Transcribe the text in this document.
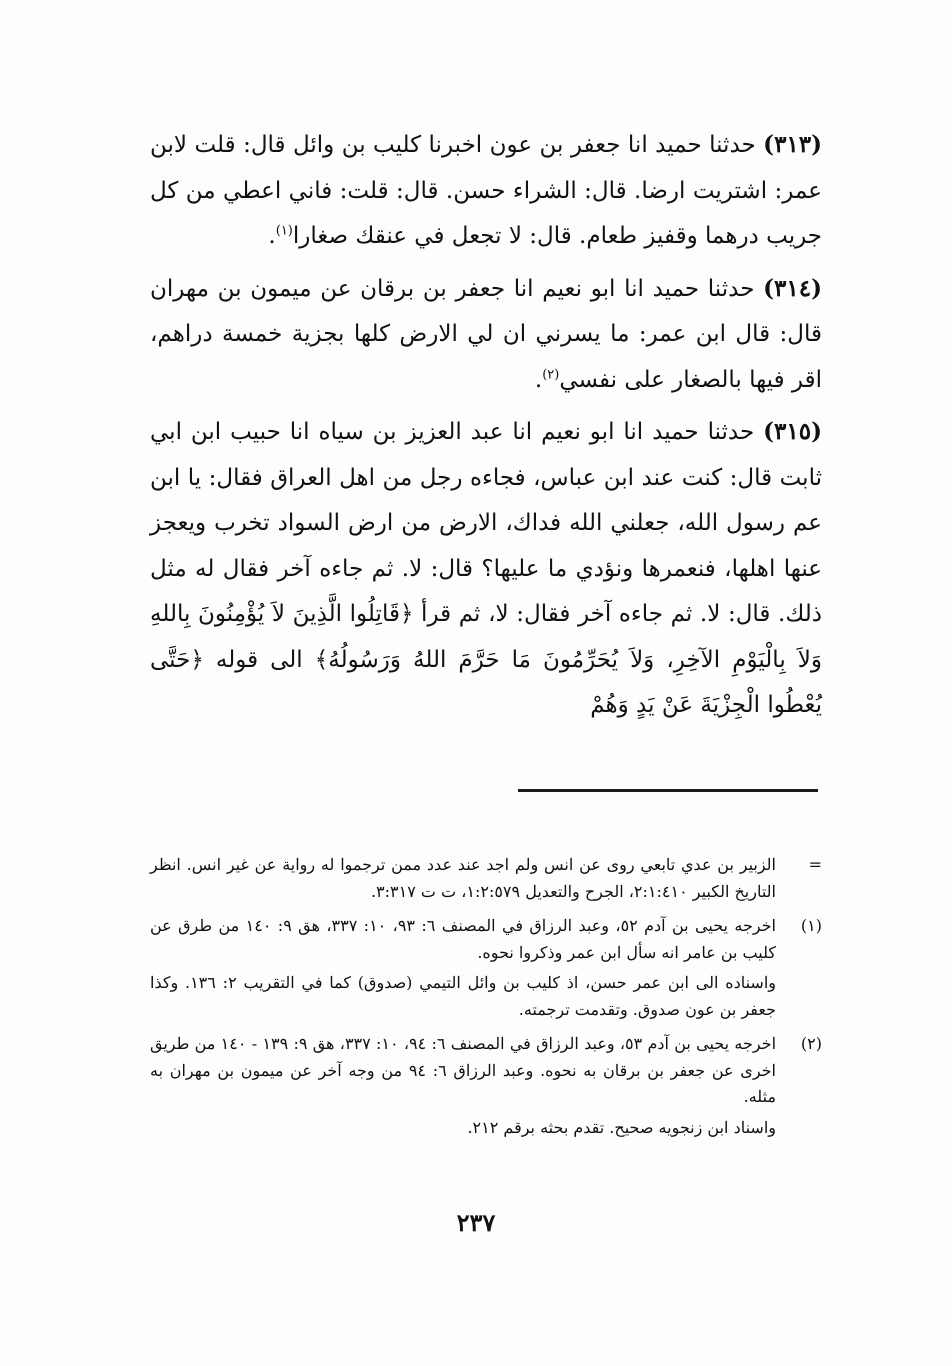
(٣١٣) حدثنا حميد انا جعفر بن عون اخبرنا كليب بن وائل قال: قلت لابن عمر: اشتريت ارضا. قال: الشراء حسن. قال: قلت: فاني اعطي من كل جريب درهما وقفيز طعام. قال: لا تجعل في عنقك صغارا$^{(١)}$.

(٣١٤) حدثنا حميد انا ابو نعيم انا جعفر بن برقان عن ميمون بن مهران قال: قال ابن عمر: ما يسرني ان لي الارض كلها بجزية خمسة دراهم، اقر فيها بالصغار على نفسي$^{(٢)}$.

(٣١٥) حدثنا حميد انا ابو نعيم انا عبد العزيز بن سياه انا حبيب ابن ابي ثابت قال: كنت عند ابن عباس، فجاءه رجل من اهل العراق فقال: يا ابن عم رسول الله، جعلني الله فداك، الارض من ارض السواد تخرب ويعجز عنها اهلها، فنعمرها ونؤدي ما عليها؟ قال: لا. ثم جاءه آخر فقال له مثل ذلك. قال: لا. ثم جاءه آخر فقال: لا، ثم قرأ ﴿قَاتِلُوا الَّذِينَ لاَ يُؤْمِنُونَ بِاللهِ وَلاَ بِالْيَوْمِ الآخِرِ، وَلاَ يُحَرِّمُونَ مَا حَرَّمَ اللهُ وَرَسُولُهُ﴾ الى قوله ﴿حَتَّى يُعْطُوا الْجِزْيَةَ عَنْ يَدٍ وَهُمْ

=

الزبير بن عدي تابعي روى عن انس ولم اجد عند عدد ممن ترجموا له رواية عن غير انس. انظر التاريخ الكبير ٢:١:٤١٠، الجرح والتعديل ١:٢:٥٧٩، ت ت ٣:٣١٧.

(١)

اخرجه يحيى بن آدم ٥٢، وعبد الرزاق في المصنف ٦: ٩٣، ١٠: ٣٣٧، هق ٩: ١٤٠ من طرق عن كليب بن عامر انه سأل ابن عمر وذكروا نحوه.

واسناده الى ابن عمر حسن، اذ كليب بن وائل التيمي (صدوق) كما في التقريب ٢: ١٣٦. وكذا جعفر بن عون صدوق. وتقدمت ترجمته.

(٢)

اخرجه يحيى بن آدم ٥٣، وعبد الرزاق في المصنف ٦: ٩٤، ١٠: ٣٣٧، هق ٩: ١٣٩ - ١٤٠ من طريق اخرى عن جعفر بن برقان به نحوه. وعبد الرزاق ٦: ٩٤ من وجه آخر عن ميمون بن مهران به مثله.

واسناد ابن زنجويه صحيح. تقدم بحثه برقم ٢١٢.

٢٣٧
